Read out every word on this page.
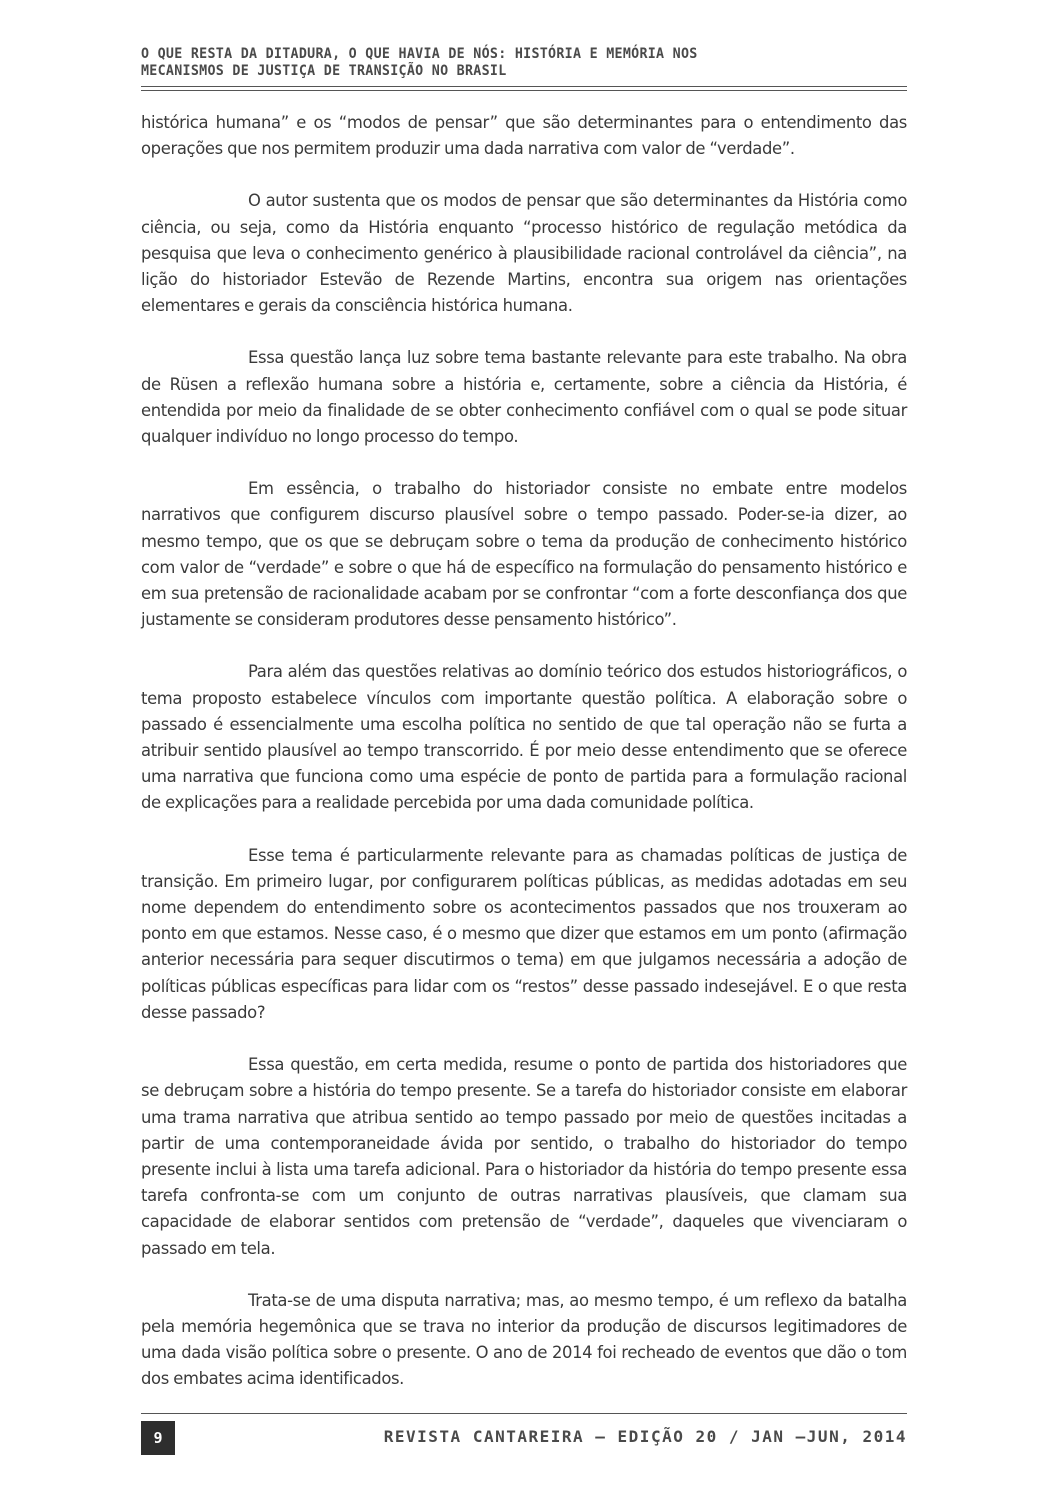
O QUE RESTA DA DITADURA, O QUE HAVIA DE NÓS: HISTÓRIA E MEMÓRIA NOS MECANISMOS DE JUSTIÇA DE TRANSIÇÃO NO BRASIL

histórica humana” e os “modos de pensar” que são determinantes para o entendimento das operações que nos permitem produzir uma dada narrativa com valor de “verdade”.

O autor sustenta que os modos de pensar que são determinantes da História como ciência, ou seja, como da História enquanto “processo histórico de regulação metódica da pesquisa que leva o conhecimento genérico à plausibilidade racional controlável da ciência”, na lição do historiador Estevão de Rezende Martins, encontra sua origem nas orientações elementares e gerais da consciência histórica humana.

Essa questão lança luz sobre tema bastante relevante para este trabalho. Na obra de Rüsen a reflexão humana sobre a história e, certamente, sobre a ciência da História, é entendida por meio da finalidade de se obter conhecimento confiável com o qual se pode situar qualquer indivíduo no longo processo do tempo.

Em essência, o trabalho do historiador consiste no embate entre modelos narrativos que configurem discurso plausível sobre o tempo passado. Poder-se-ia dizer, ao mesmo tempo, que os que se debruçam sobre o tema da produção de conhecimento histórico com valor de “verdade” e sobre o que há de específico na formulação do pensamento histórico e em sua pretensão de racionalidade acabam por se confrontar “com a forte desconfiança dos que justamente se consideram produtores desse pensamento histórico”.

Para além das questões relativas ao domínio teórico dos estudos historiográficos, o tema proposto estabelece vínculos com importante questão política. A elaboração sobre o passado é essencialmente uma escolha política no sentido de que tal operação não se furta a atribuir sentido plausível ao tempo transcorrido. É por meio desse entendimento que se oferece uma narrativa que funciona como uma espécie de ponto de partida para a formulação racional de explicações para a realidade percebida por uma dada comunidade política.

Esse tema é particularmente relevante para as chamadas políticas de justiça de transição. Em primeiro lugar, por configurarem políticas públicas, as medidas adotadas em seu nome dependem do entendimento sobre os acontecimentos passados que nos trouxeram ao ponto em que estamos. Nesse caso, é o mesmo que dizer que estamos em um ponto (afirmação anterior necessária para sequer discutirmos o tema) em que julgamos necessária a adoção de políticas públicas específicas para lidar com os “restos” desse passado indesejável. E o que resta desse passado?

Essa questão, em certa medida, resume o ponto de partida dos historiadores que se debruçam sobre a história do tempo presente. Se a tarefa do historiador consiste em elaborar uma trama narrativa que atribua sentido ao tempo passado por meio de questões incitadas a partir de uma contemporaneidade ávida por sentido, o trabalho do historiador do tempo presente inclui à lista uma tarefa adicional. Para o historiador da história do tempo presente essa tarefa confronta-se com um conjunto de outras narrativas plausíveis, que clamam sua capacidade de elaborar sentidos com pretensão de “verdade”, daqueles que vivenciaram o passado em tela.

Trata-se de uma disputa narrativa; mas, ao mesmo tempo, é um reflexo da batalha pela memória hegemônica que se trava no interior da produção de discursos legitimadores de uma dada visão política sobre o presente. O ano de 2014 foi recheado de eventos que dão o tom dos embates acima identificados.

9	REVISTA CANTAREIRA – EDIÇÃO 20 / JAN –JUN, 2014
